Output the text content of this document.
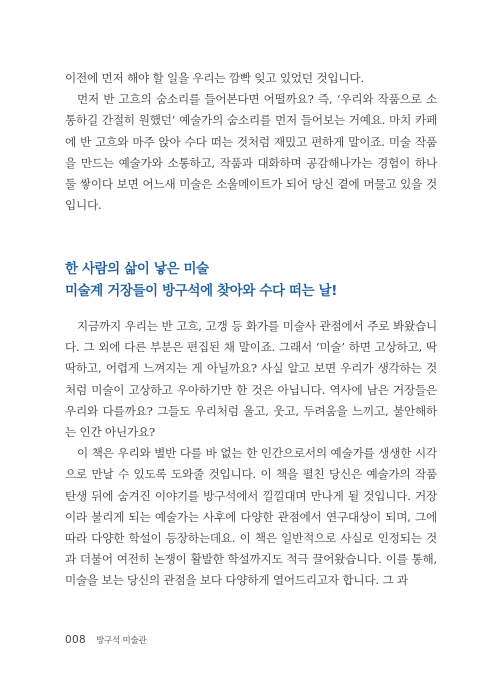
이전에 먼저 해야 할 일을 우리는 깜빡 잊고 있었던 것입니다.

먼저 반 고흐의 숨소리를 들어본다면 어떨까요? 즉, ‘우리와 작품으로 소통하길 간절히 원했던’ 예술가의 숨소리를 먼저 들어보는 거예요. 마치 카페에 반 고흐와 마주 앉아 수다 떠는 것처럼 재밌고 편하게 말이죠. 미술 작품을 만드는 예술가와 소통하고, 작품과 대화하며 공감해나가는 경험이 하나둘 쌓이다 보면 어느새 미술은 소울메이트가 되어 당신 곁에 머물고 있을 것입니다.

한 사람의 삶이 낳은 미술
미술계 거장들이 방구석에 찾아와 수다 떠는 날!

지금까지 우리는 반 고흐, 고갱 등 화가를 미술사 관점에서 주로 봐왔습니다. 그 외에 다른 부분은 편집된 채 말이죠. 그래서 ‘미술’ 하면 고상하고, 딱딱하고, 어렵게 느껴지는 게 아닐까요? 사실 알고 보면 우리가 생각하는 것처럼 미술이 고상하고 우아하기만 한 것은 아닙니다. 역사에 남은 거장들은 우리와 다를까요? 그들도 우리처럼 울고, 웃고, 두려움을 느끼고, 불안해하는 인간 아닌가요?

이 책은 우리와 별반 다를 바 없는 한 인간으로서의 예술가를 생생한 시각으로 만날 수 있도록 도와줄 것입니다. 이 책을 펼친 당신은 예술가의 작품 탄생 뒤에 숨겨진 이야기를 방구석에서 낄낄대며 만나게 될 것입니다. 거장이라 불리게 되는 예술가는 사후에 다양한 관점에서 연구대상이 되며, 그에 따라 다양한 학설이 등장하는데요. 이 책은 일반적으로 사실로 인정되는 것과 더불어 여전히 논쟁이 활발한 학설까지도 적극 끌어왔습니다. 이를 통해, 미술을 보는 당신의 관점을 보다 다양하게 열어드리고자 합니다. 그 과

008 방구석 미술관
